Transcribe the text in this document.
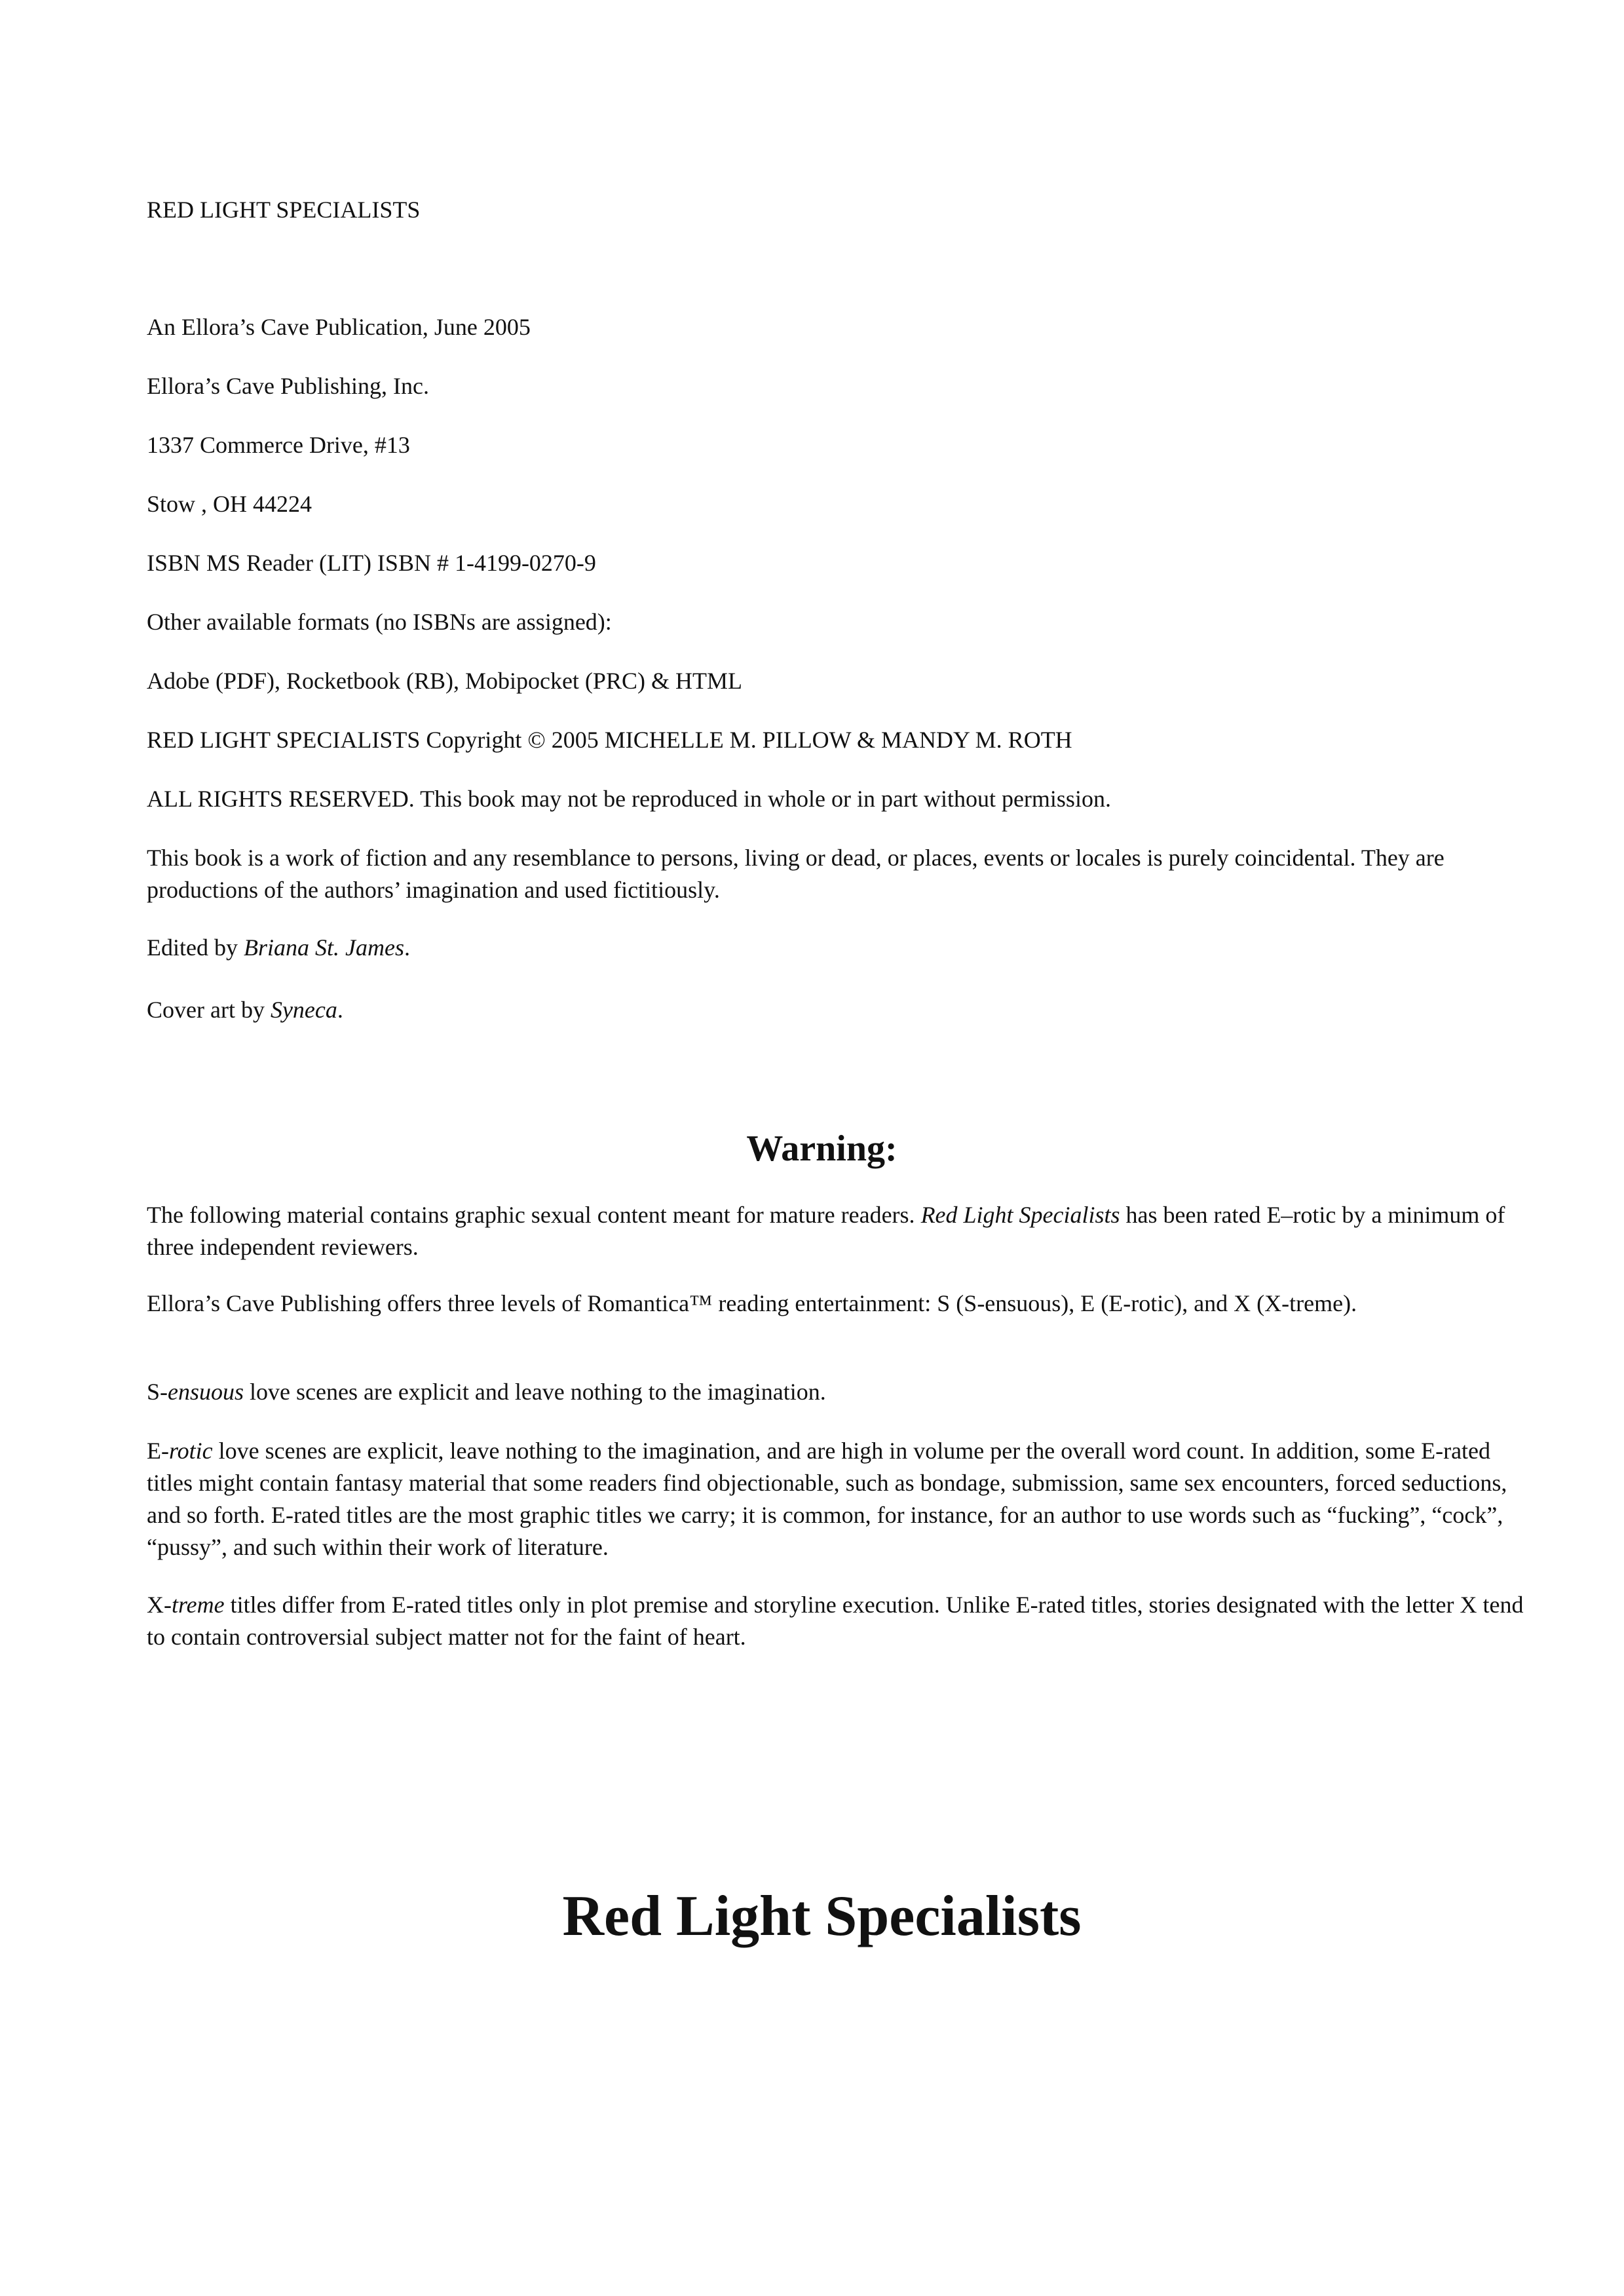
RED LIGHT SPECIALISTS
An Ellora’s Cave Publication, June 2005
Ellora’s Cave Publishing, Inc.
1337 Commerce Drive, #13
Stow , OH 44224
ISBN MS Reader (LIT) ISBN # 1-4199-0270-9
Other available formats (no ISBNs are assigned):
Adobe (PDF), Rocketbook (RB), Mobipocket (PRC) & HTML
RED LIGHT SPECIALISTS Copyright © 2005 MICHELLE M. PILLOW & MANDY M. ROTH
ALL RIGHTS RESERVED. This book may not be reproduced in whole or in part without permission.
This book is a work of fiction and any resemblance to persons, living or dead, or places, events or locales is purely coincidental. They are productions of the authors’ imagination and used fictitiously.
Edited by Briana St. James.
Cover art by Syneca.
Warning:
The following material contains graphic sexual content meant for mature readers. Red Light Specialists has been rated E–rotic by a minimum of three independent reviewers.
Ellora’s Cave Publishing offers three levels of Romantica™ reading entertainment: S (S-ensuous), E (E-rotic), and X (X-treme).
S-ensuous love scenes are explicit and leave nothing to the imagination.
E-rotic love scenes are explicit, leave nothing to the imagination, and are high in volume per the overall word count. In addition, some E-rated titles might contain fantasy material that some readers find objectionable, such as bondage, submission, same sex encounters, forced seductions, and so forth. E-rated titles are the most graphic titles we carry; it is common, for instance, for an author to use words such as “fucking”, “cock”, “pussy”, and such within their work of literature.
X-treme titles differ from E-rated titles only in plot premise and storyline execution. Unlike E-rated titles, stories designated with the letter X tend to contain controversial subject matter not for the faint of heart.
Red Light Specialists
